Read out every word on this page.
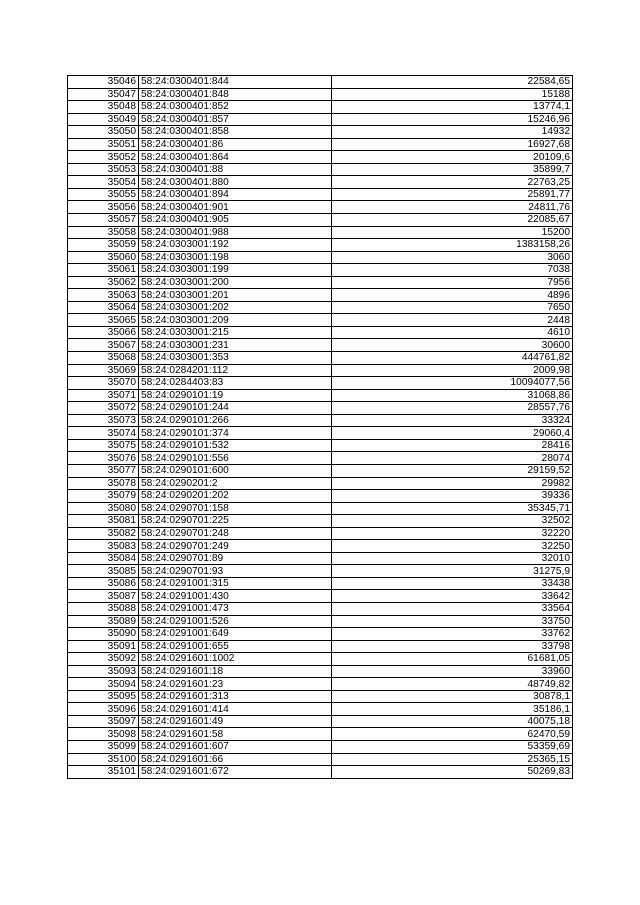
35046	58:24:0300401:844	22584,65
35047	58:24:0300401:848	15188
35048	58:24:0300401:852	13774,1
35049	58:24:0300401:857	15246,96
35050	58:24:0300401:858	14932
35051	58:24:0300401:86	16927,68
35052	58:24:0300401:864	20109,6
35053	58:24:0300401:88	35899,7
35054	58:24:0300401:880	22763,25
35055	58:24:0300401:894	25891,77
35056	58:24:0300401:901	24811,76
35057	58:24:0300401:905	22085,67
35058	58:24:0300401:988	15200
35059	58:24:0303001:192	1383158,26
35060	58:24:0303001:198	3060
35061	58:24:0303001:199	7038
35062	58:24:0303001:200	7956
35063	58:24:0303001:201	4896
35064	58:24:0303001:202	7650
35065	58:24:0303001:209	2448
35066	58:24:0303001:215	4610
35067	58:24:0303001:231	30600
35068	58:24:0303001:353	444761,82
35069	58:24:0284201:112	2009,98
35070	58:24:0284403:83	10094077,56
35071	58:24:0290101:19	31068,86
35072	58:24:0290101:244	28557,76
35073	58:24:0290101:266	33324
35074	58:24:0290101:374	29060,4
35075	58:24:0290101:532	28416
35076	58:24:0290101:556	28074
35077	58:24:0290101:600	29159,52
35078	58:24:0290201:2	29982
35079	58:24:0290201:202	39336
35080	58:24:0290701:158	35345,71
35081	58:24:0290701:225	32502
35082	58:24:0290701:248	32220
35083	58:24:0290701:249	32250
35084	58:24:0290701:89	32010
35085	58:24:0290701:93	31275,9
35086	58:24:0291001:315	33438
35087	58:24:0291001:430	33642
35088	58:24:0291001:473	33564
35089	58:24:0291001:526	33750
35090	58:24:0291001:649	33762
35091	58:24:0291001:655	33798
35092	58:24:0291601:1002	61681,05
35093	58:24:0291601:18	33960
35094	58:24:0291601:23	48749,82
35095	58:24:0291601:313	30878,1
35096	58:24:0291601:414	35186,1
35097	58:24:0291601:49	40075,18
35098	58:24:0291601:58	62470,59
35099	58:24:0291601:607	53359,69
35100	58:24:0291601:66	25365,15
35101	58:24:0291601:672	50269,83
